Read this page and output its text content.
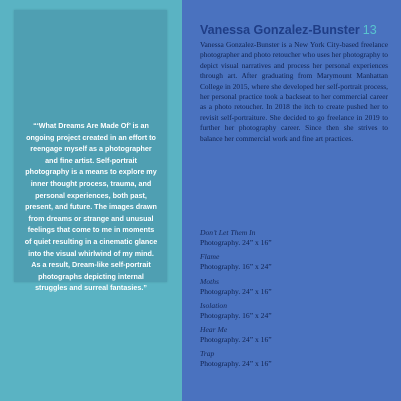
“‘What Dreams Are Made Of’ is an ongoing project created in an effort to reengage myself as a photographer and fine artist. Self-portrait photography is a means to explore my inner thought process, trauma, and personal experiences, both past, present, and future. The images drawn from dreams or strange and unusual feelings that come to me in moments of quiet resulting in a cinematic glance into the visual whirlwind of my mind. As a result, Dream-like self-portrait photographs depicting internal struggles and surreal fantasies.”

Vanessa Gonzalez-Bunster 13

Vanessa Gonzalez-Bunster is a New York City-based freelance photographer and photo retoucher who uses her photography to depict visual narratives and process her personal experiences through art. After graduating from Marymount Manhattan College in 2015, where she developed her self-portrait process, her personal practice took a backseat to her commercial career as a photo retoucher. In 2018 the itch to create pushed her to revisit self-portraiture. She decided to go freelance in 2019 to further her photography career. Since then she strives to balance her commercial work and fine art practices.

Don’t Let Them In
Photography. 24” x 16”
Flame
Photography. 16” x 24”
Moths
Photography. 24” x 16”
Isolation
Photography. 16” x 24”
Hear Me
Photography. 24” x 16”
Trap
Photography. 24” x 16”
